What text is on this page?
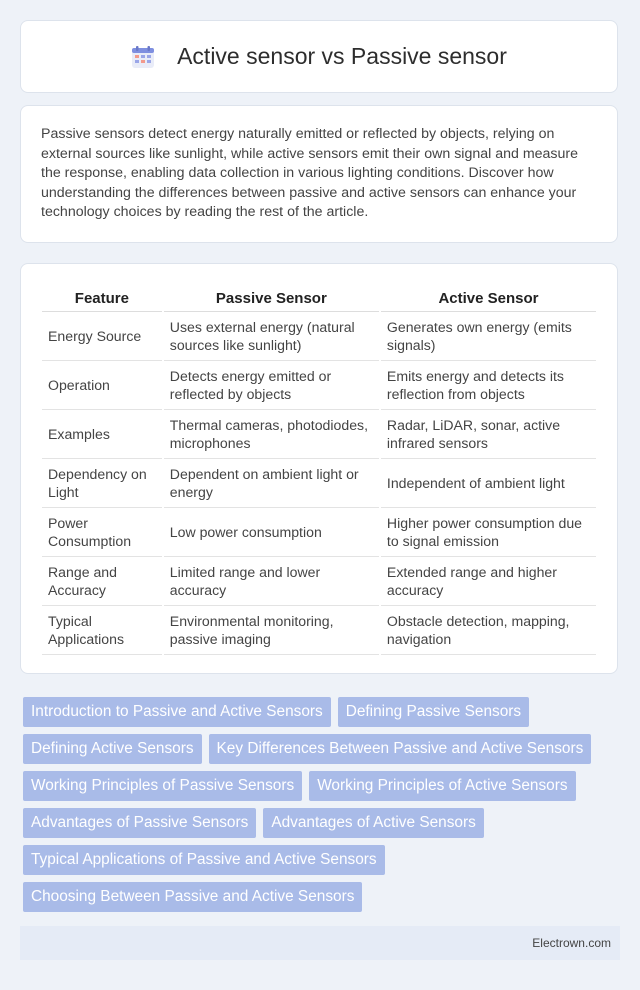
Active sensor vs Passive sensor

Passive sensors detect energy naturally emitted or reflected by objects, relying on external sources like sunlight, while active sensors emit their own signal and measure the response, enabling data collection in various lighting conditions. Discover how understanding the differences between passive and active sensors can enhance your technology choices by reading the rest of the article.

Feature	Passive Sensor	Active Sensor
Energy Source	Uses external energy (natural sources like sunlight)	Generates own energy (emits signals)
Operation	Detects energy emitted or reflected by objects	Emits energy and detects its reflection from objects
Examples	Thermal cameras, photodiodes, microphones	Radar, LiDAR, sonar, active infrared sensors
Dependency on Light	Dependent on ambient light or energy	Independent of ambient light
Power Consumption	Low power consumption	Higher power consumption due to signal emission
Range and Accuracy	Limited range and lower accuracy	Extended range and higher accuracy
Typical Applications	Environmental monitoring, passive imaging	Obstacle detection, mapping, navigation
Introduction to Passive and Active Sensors	Defining Passive Sensors
Defining Active Sensors	Key Differences Between Passive and Active Sensors
Working Principles of Passive Sensors	Working Principles of Active Sensors
Advantages of Passive Sensors	Advantages of Active Sensors
Typical Applications of Passive and Active Sensors
Choosing Between Passive and Active Sensors
Electrown.com
